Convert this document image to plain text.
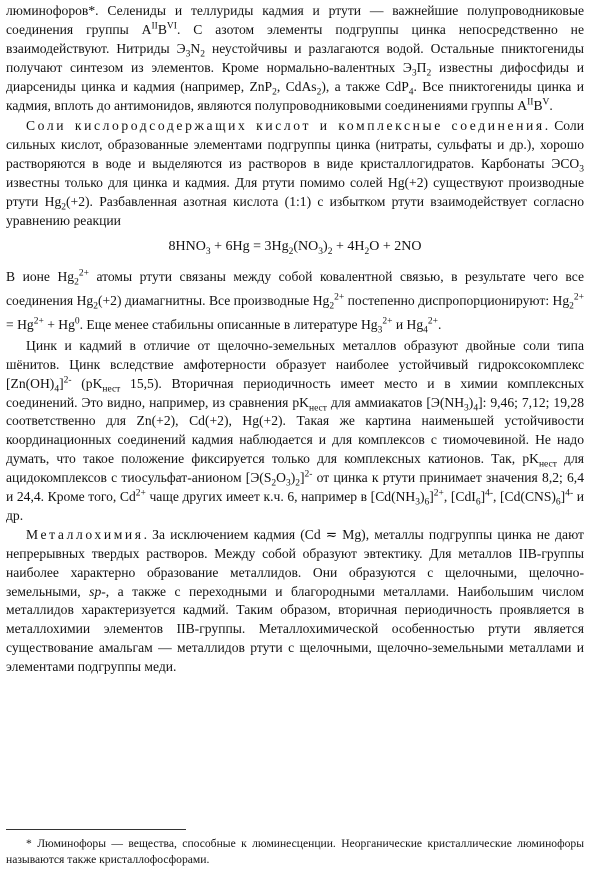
люминофоров*. Селениды и теллуриды кадмия и ртути — важнейшие полупроводниковые соединения группы $A^{II}B^{VI}$. С азотом элементы подгруппы цинка непосредственно не взаимодействуют. Нитриды $Э_3N_2$ неустойчивы и разлагаются водой. Остальные пниктогениды получают синтезом из элементов. Кроме нормально-валентных $Э_3П_2$ известны дифосфиды и диарсениды цинка и кадмия (например, ZnP$_2$, CdAs$_2$), а также CdP$_4$. Все пниктогениды цинка и кадмия, вплоть до антимонидов, являются полупроводниковыми соединениями группы $A^{II}B^V$.

Соли кислородсодержащих кислот и комплексные соединения. Соли сильных кислот, образованные элементами подгруппы цинка (нитраты, сульфаты и др.), хорошо растворяются в воде и выделяются из растворов в виде кристаллогидратов. Карбонаты $ЭCO_3$ известны только для цинка и кадмия. Для ртути помимо солей Hg(+2) существуют производные ртути $Hg_2(+2)$. Разбавленная азотная кислота (1:1) с избытком ртути взаимодействует согласно уравнению реакции

$8HNO_3 + 6Hg = 3Hg_2(NO_3)_2 + 4H_2O + 2NO$

В ионе $Hg_2^{2+}$ атомы ртути связаны между собой ковалентной связью, в результате чего все соединения $Hg_2(+2)$ диамагнитны. Все производные $Hg_2^{2+}$ постепенно диспропорционируют: $Hg_2^{2+} = Hg^{2+} + Hg^0$. Еще менее стабильны описанные в литературе $Hg_3^{2+}$ и $Hg_4^{2+}$.

Цинк и кадмий в отличие от щелочно-земельных металлов образуют двойные соли типа шёнитов. Цинк вследствие амфотерности образует наиболее устойчивый гидроксокомплекс $[Zn(OH)_4]^{2-}$ ($pK_{нест}$ 15,5). Вторичная периодичность имеет место и в химии комплексных соединений. Это видно, например, из сравнения $pK_{нест}$ для аммиакатов $[Э(NH_3)_4]$: 9,46; 7,12; 19,28 соответственно для Zn(+2), Cd(+2), Hg(+2). Такая же картина наименьшей устойчивости координационных соединений кадмия наблюдается и для комплексов с тиомочевиной. Не надо думать, что такое положение фиксируется только для комплексных катионов. Так, $pK_{нест}$ для ацидокомплексов с тиосульфат-анионом $[Э(S_2O_3)_2]^{2-}$ от цинка к ртути принимает значения 8,2; 6,4 и 24,4. Кроме того, $Cd^{2+}$ чаще других имеет к.ч. 6, например в $[Cd(NH_3)_6]^{2+}$, $[CdI_6]^{4-}$, $[Cd(CNS)_6]^{4-}$ и др.

Металлохимия. За исключением кадмия (Cd ≂ Mg), металлы подгруппы цинка не дают непрерывных твердых растворов. Между собой образуют эвтектику. Для металлов IIB-группы наиболее характерно образование металлидов. Они образуются с щелочными, щелочно-земельными, sp-, а также с переходными и благородными металлами. Наибольшим числом металлидов характеризуется кадмий. Таким образом, вторичная периодичность проявляется в металлохимии элементов IIB-группы. Металлохимической особенностью ртути является существование амальгам — металлидов ртути с щелочными, щелочно-земельными металлами и элементами подгруппы меди.

* Люминофоры — вещества, способные к люминесценции. Неорганические кристаллические люминофоры называются также кристаллофосфорами.
